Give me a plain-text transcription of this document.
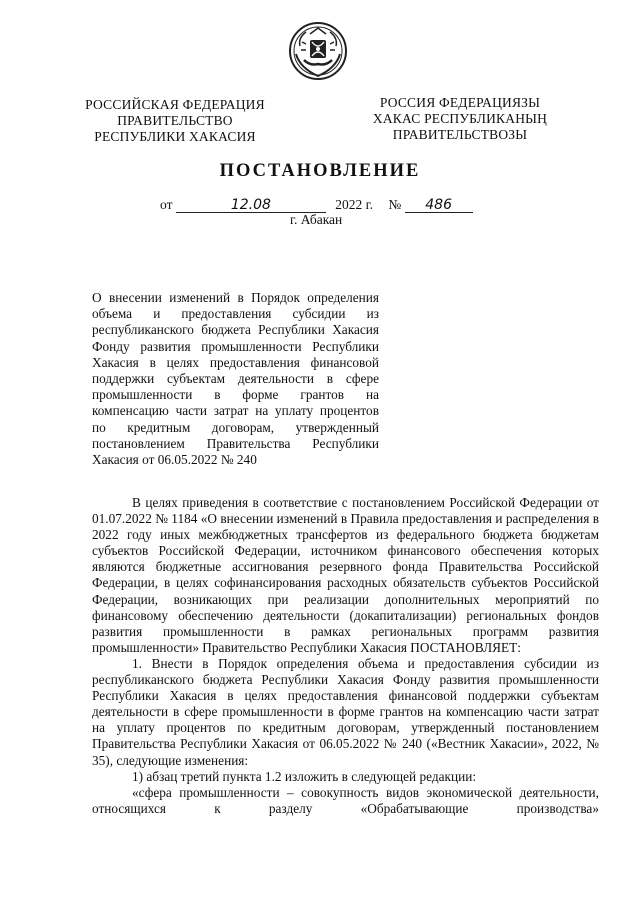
РОССИЙСКАЯ ФЕДЕРАЦИЯ
ПРАВИТЕЛЬСТВО
РЕСПУБЛИКИ ХАКАСИЯ
РОССИЯ ФЕДЕРАЦИЯЗЫ
ХАКАС РЕСПУБЛИКАНЫҢ
ПРАВИТЕЛЬСТВОЗЫ
ПОСТАНОВЛЕНИЕ
от	12.08	2022 г. № 486
г. Абакан
О внесении изменений в Порядок определения объема и предоставления субсидии из республиканского бюджета Республики Хакасия Фонду развития промышленности Республики Хакасия в целях предоставления финансовой поддержки субъектам деятельности в сфере промышленности в форме грантов на компенсацию части затрат на уплату процентов по кредитным договорам, утвержденный постановлением Правительства Республики Хакасия от 06.05.2022 № 240

В целях приведения в соответствие с постановлением Российской Федерации от 01.07.2022 № 1184 «О внесении изменений в Правила предоставления и распределения в 2022 году иных межбюджетных трансфертов из федерального бюджета бюджетам субъектов Российской Федерации, источником финансового обеспечения которых являются бюджетные ассигнования резервного фонда Правительства Российской Федерации, в целях софинансирования расходных обязательств субъектов Российской Федерации, возникающих при реализации дополнительных мероприятий по финансовому обеспечению деятельности (докапитализации) региональных фондов развития промышленности в рамках региональных программ развития промышленности» Правительство Республики Хакасия ПОСТАНОВЛЯЕТ:

1. Внести в Порядок определения объема и предоставления субсидии из республиканского бюджета Республики Хакасия Фонду развития промышленности Республики Хакасия в целях предоставления финансовой поддержки субъектам деятельности в сфере промышленности в форме грантов на компенсацию части затрат на уплату процентов по кредитным договорам, утвержденный постановлением Правительства Республики Хакасия от 06.05.2022 № 240 («Вестник Хакасии», 2022, № 35), следующие изменения:

1) абзац третий пункта 1.2 изложить в следующей редакции:

«сфера промышленности – совокупность видов экономической деятельности, относящихся к разделу «Обрабатывающие производства»
